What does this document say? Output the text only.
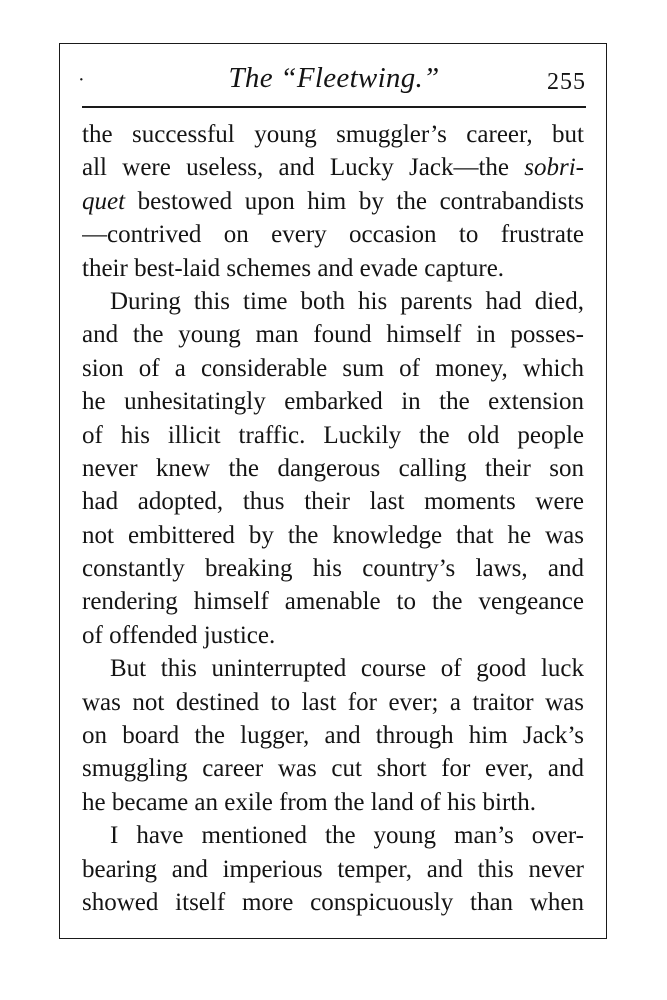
·	The “Fleetwing.”	255
the successful young smuggler’s career, but
all were useless, and Lucky Jack—the sobri-
quet bestowed upon him by the contrabandists
—contrived on every occasion to frustrate
their best-laid schemes and evade capture.
During this time both his parents had died,
and the young man found himself in posses-
sion of a considerable sum of money, which
he unhesitatingly embarked in the extension
of his illicit traffic. Luckily the old people
never knew the dangerous calling their son
had adopted, thus their last moments were
not embittered by the knowledge that he was
constantly breaking his country’s laws, and
rendering himself amenable to the vengeance
of offended justice.
But this uninterrupted course of good luck
was not destined to last for ever; a traitor was
on board the lugger, and through him Jack’s
smuggling career was cut short for ever, and
he became an exile from the land of his birth.
I have mentioned the young man’s over-
bearing and imperious temper, and this never
showed itself more conspicuously than when
